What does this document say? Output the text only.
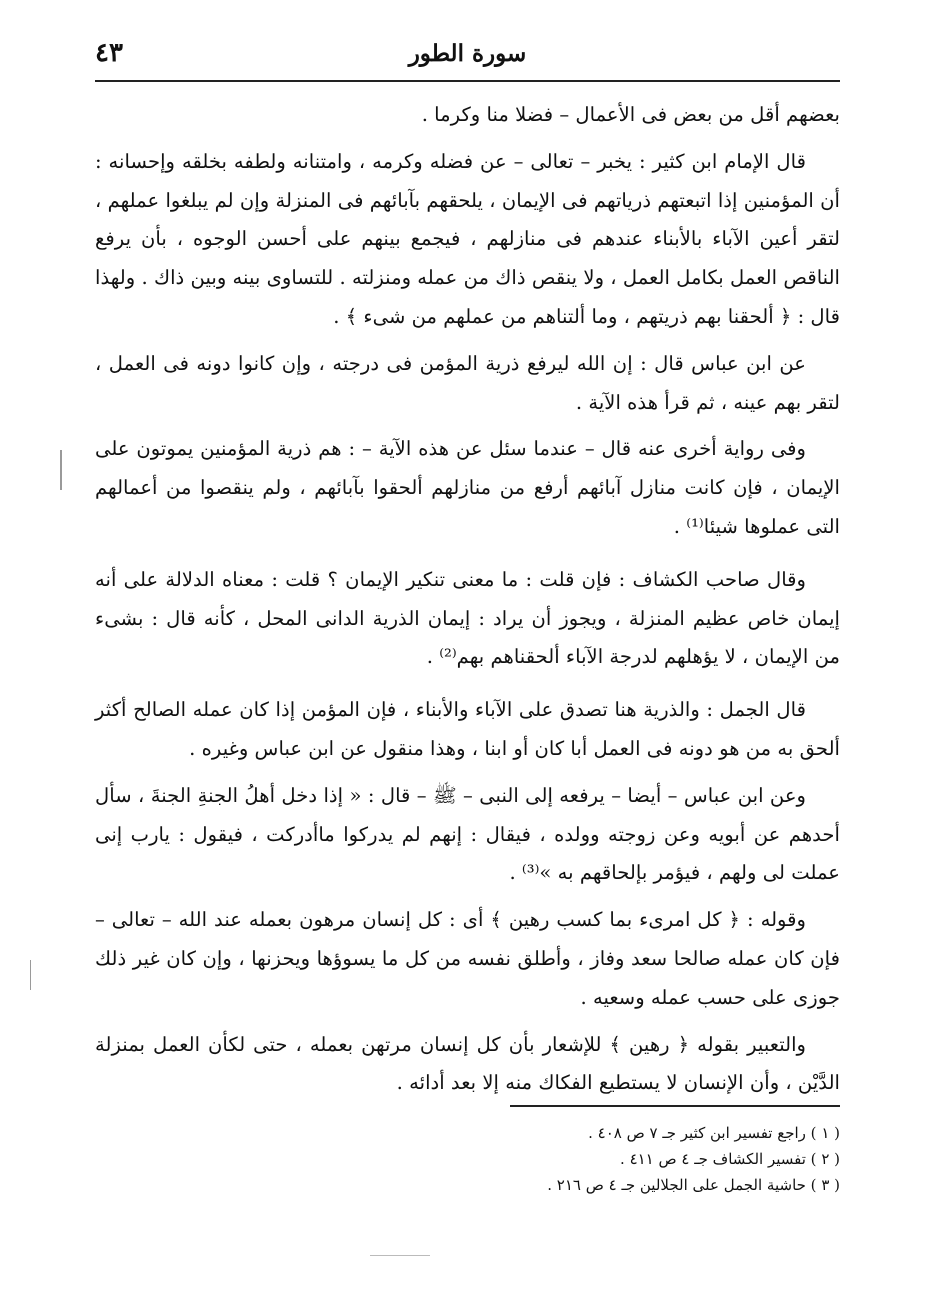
٤٣	سورة الطور

بعضهم أقل من بعض فى الأعمال – فضلا منا وكرما .

قال الإمام ابن كثير : يخبر – تعالى – عن فضله وكرمه ، وامتنانه ولطفه بخلقه وإحسانه : أن المؤمنين إذا اتبعتهم ذرياتهم فى الإيمان ، يلحقهم بآبائهم فى المنزلة وإن لم يبلغوا عملهم ، لتقر أعين الآباء بالأبناء عندهم فى منازلهم ، فيجمع بينهم على أحسن الوجوه ، بأن يرفع الناقص العمل بكامل العمل ، ولا ينقص ذاك من عمله ومنزلته . للتساوى بينه وبين ذاك . ولهذا قال : ﴿ ألحقنا بهم ذريتهم ، وما ألتناهم من عملهم من شىء ﴾ .

عن ابن عباس قال : إن الله ليرفع ذرية المؤمن فى درجته ، وإن كانوا دونه فى العمل ، لتقر بهم عينه ، ثم قرأ هذه الآية .

وفى رواية أخرى عنه قال – عندما سئل عن هذه الآية – : هم ذرية المؤمنين يموتون على الإيمان ، فإن كانت منازل آبائهم أرفع من منازلهم ألحقوا بآبائهم ، ولم ينقصوا من أعمالهم التى عملوها شيئا⁽¹⁾ .

وقال صاحب الكشاف : فإن قلت : ما معنى تنكير الإيمان ؟ قلت : معناه الدلالة على أنه إيمان خاص عظيم المنزلة ، ويجوز أن يراد : إيمان الذرية الدانى المحل ، كأنه قال : بشىء من الإيمان ، لا يؤهلهم لدرجة الآباء ألحقناهم بهم⁽²⁾ .

قال الجمل : والذرية هنا تصدق على الآباء والأبناء ، فإن المؤمن إذا كان عمله الصالح أكثر ألحق به من هو دونه فى العمل أبا كان أو ابنا ، وهذا منقول عن ابن عباس وغيره .

وعن ابن عباس – أيضا – يرفعه إلى النبى – ﷺ – قال : « إذا دخل أهلُ الجنةِ الجنةَ ، سأل أحدهم عن أبويه وعن زوجته وولده ، فيقال : إنهم لم يدركوا ماأدركت ، فيقول : يارب إنى عملت لى ولهم ، فيؤمر بإلحاقهم به »⁽³⁾ .

وقوله : ﴿ كل امرىء بما كسب رهين ﴾ أى : كل إنسان مرهون بعمله عند الله – تعالى – فإن كان عمله صالحا سعد وفاز ، وأطلق نفسه من كل ما يسوؤها ويحزنها ، وإن كان غير ذلك جوزى على حسب عمله وسعيه .

والتعبير بقوله ﴿ رهين ﴾ للإشعار بأن كل إنسان مرتهن بعمله ، حتى لكأن العمل بمنزلة الدَّيْن ، وأن الإنسان لا يستطيع الفكاك منه إلا بعد أدائه .

( ١ ) راجع تفسير ابن كثير جـ ٧ ص ٤٠٨ .
( ٢ ) تفسير الكشاف جـ ٤ ص ٤١١ .
( ٣ ) حاشية الجمل على الجلالين جـ ٤ ص ٢١٦ .
